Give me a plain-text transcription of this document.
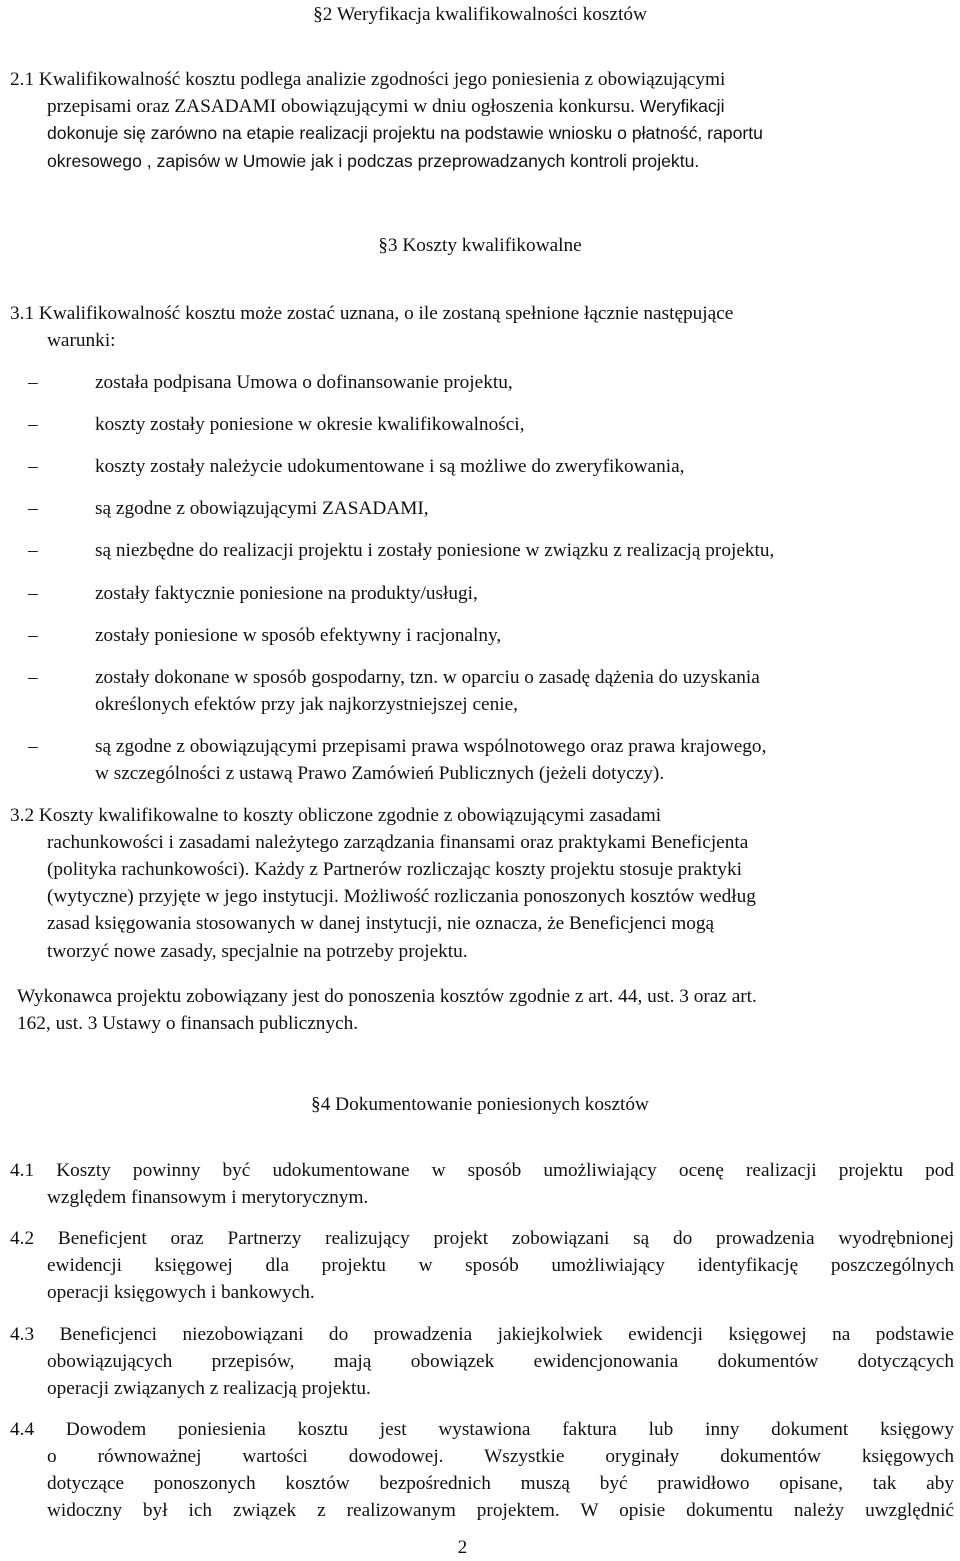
§2 Weryfikacja kwalifikowalności kosztów
2.1 Kwalifikowalność kosztu podlega analizie zgodności jego poniesienia z obowiązującymi
przepisami oraz ZASADAMI obowiązującymi w dniu ogłoszenia konkursu. Weryfikacji
dokonuje się zarówno na etapie realizacji projektu na podstawie wniosku o płatność, raportu
okresowego , zapisów w Umowie jak i podczas przeprowadzanych kontroli projektu.
§3 Koszty kwalifikowalne
3.1 Kwalifikowalność kosztu może zostać uznana, o ile zostaną spełnione łącznie następujące
warunki:
–	została podpisana Umowa o dofinansowanie projektu,
–	koszty zostały poniesione w okresie kwalifikowalności,
–	koszty zostały należycie udokumentowane i są możliwe do zweryfikowania,
–	są zgodne z obowiązującymi ZASADAMI,
–	są niezbędne do realizacji projektu i zostały poniesione w związku z realizacją projektu,
–	zostały faktycznie poniesione na produkty/usługi,
–	zostały poniesione w sposób efektywny i racjonalny,
–	zostały dokonane w sposób gospodarny, tzn. w oparciu o zasadę dążenia do uzyskania
określonych efektów przy jak najkorzystniejszej cenie,
–	są zgodne z obowiązującymi przepisami prawa wspólnotowego oraz prawa krajowego,
w szczególności z ustawą Prawo Zamówień Publicznych (jeżeli dotyczy).
3.2 Koszty kwalifikowalne to koszty obliczone zgodnie z obowiązującymi zasadami
rachunkowości i zasadami należytego zarządzania finansami oraz praktykami Beneficjenta
(polityka rachunkowości). Każdy z Partnerów rozliczając koszty projektu stosuje praktyki
(wytyczne) przyjęte w jego instytucji. Możliwość rozliczania ponoszonych kosztów według
zasad księgowania stosowanych w danej instytucji, nie oznacza, że Beneficjenci mogą
tworzyć nowe zasady, specjalnie na potrzeby projektu.
Wykonawca projektu zobowiązany jest do ponoszenia kosztów zgodnie z art. 44, ust. 3 oraz art.
162, ust. 3 Ustawy o finansach publicznych.
§4 Dokumentowanie poniesionych kosztów
4.1 Koszty powinny być udokumentowane w sposób umożliwiający ocenę realizacji projektu pod
względem finansowym i merytorycznym.
4.2 Beneficjent oraz Partnerzy realizujący projekt zobowiązani są do prowadzenia wyodrębnionej
ewidencji księgowej dla projektu w sposób umożliwiający identyfikację poszczególnych
operacji księgowych i bankowych.
4.3 Beneficjenci niezobowiązani do prowadzenia jakiejkolwiek ewidencji księgowej na podstawie
obowiązujących przepisów, mają obowiązek ewidencjonowania dokumentów dotyczących
operacji związanych z realizacją projektu.
4.4 Dowodem poniesienia kosztu jest wystawiona faktura lub inny dokument księgowy
o równoważnej wartości dowodowej. Wszystkie oryginały dokumentów księgowych
dotyczące ponoszonych kosztów bezpośrednich muszą być prawidłowo opisane, tak aby
widoczny był ich związek z realizowanym projektem. W opisie dokumentu należy uwzględnić
2
